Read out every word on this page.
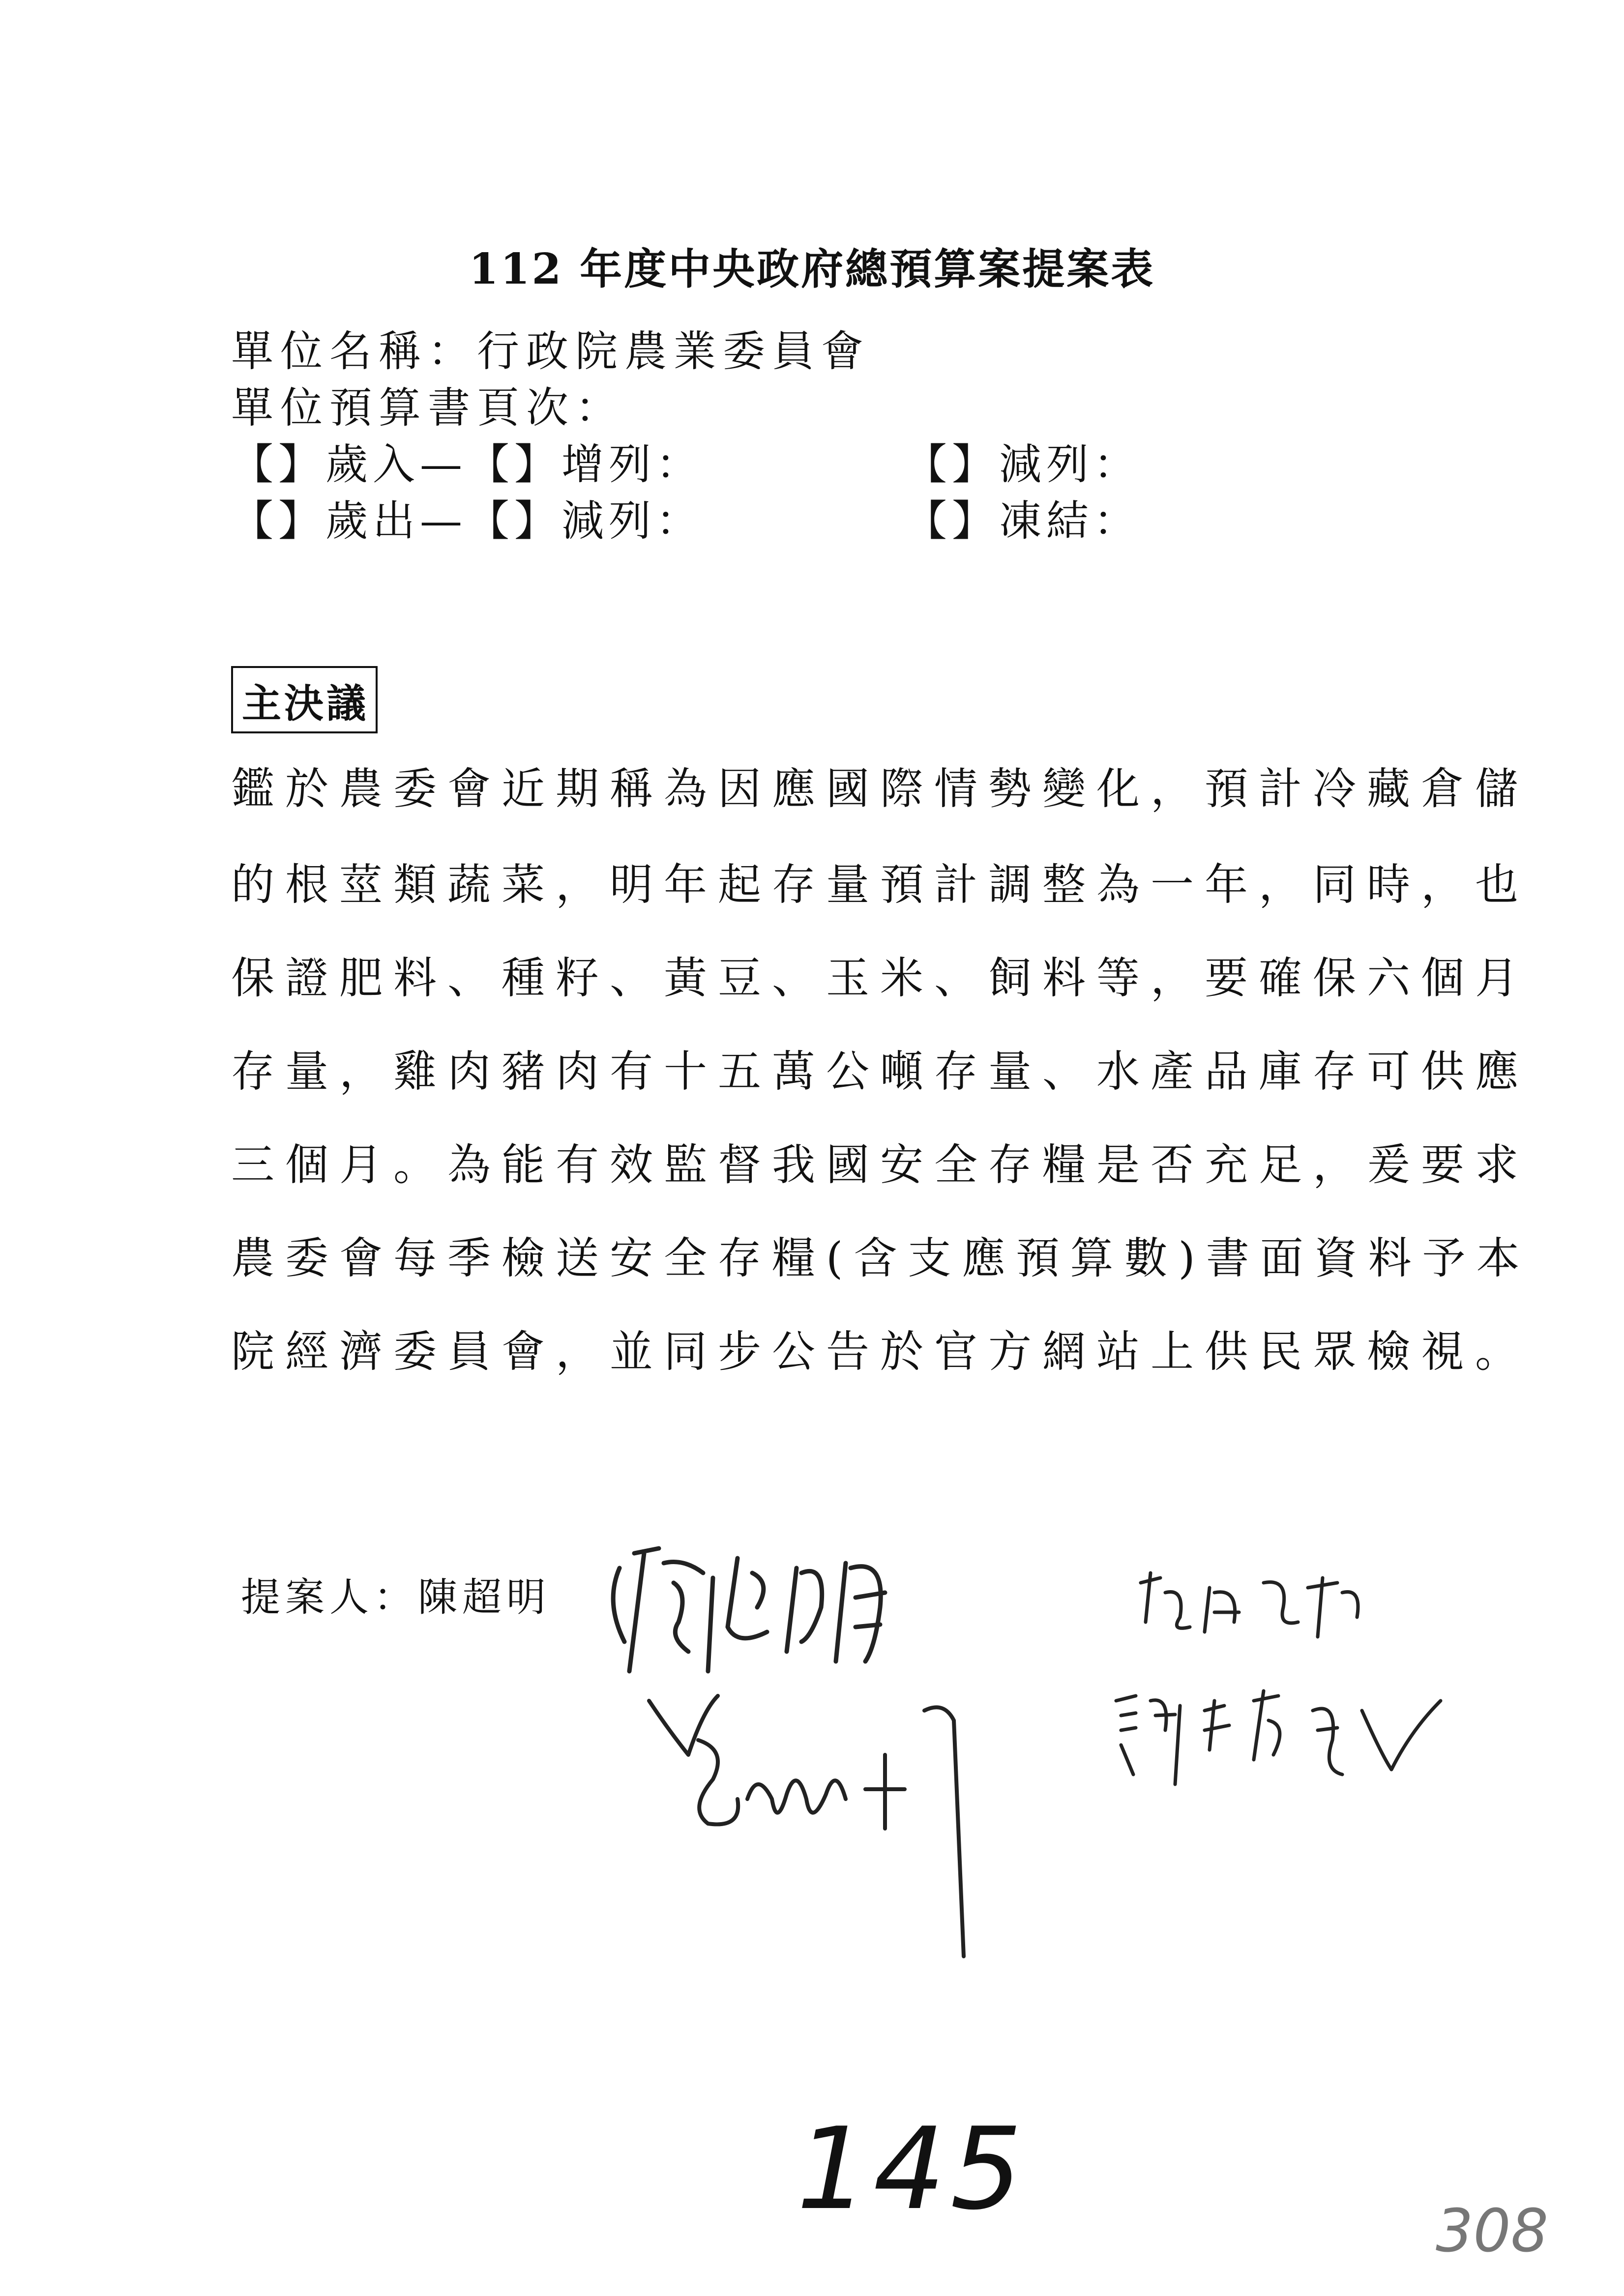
112 年度中央政府總預算案提案表
單位名稱：行政院農業委員會
單位預算書頁次：
【】歲入—【】增列：	【】減列：
【】歲出—【】減列：	【】凍結：
主決議
鑑於農委會近期稱為因應國際情勢變化，預計冷藏倉儲
的根莖類蔬菜，明年起存量預計調整為一年，同時，也
保證肥料、種籽、黃豆、玉米、飼料等，要確保六個月
存量，雞肉豬肉有十五萬公噸存量、水產品庫存可供應
三個月。為能有效監督我國安全存糧是否充足，爰要求
農委會每季檢送安全存糧(含支應預算數)書面資料予本
院經濟委員會，並同步公告於官方網站上供民眾檢視。
提案人：陳超明
145	308
